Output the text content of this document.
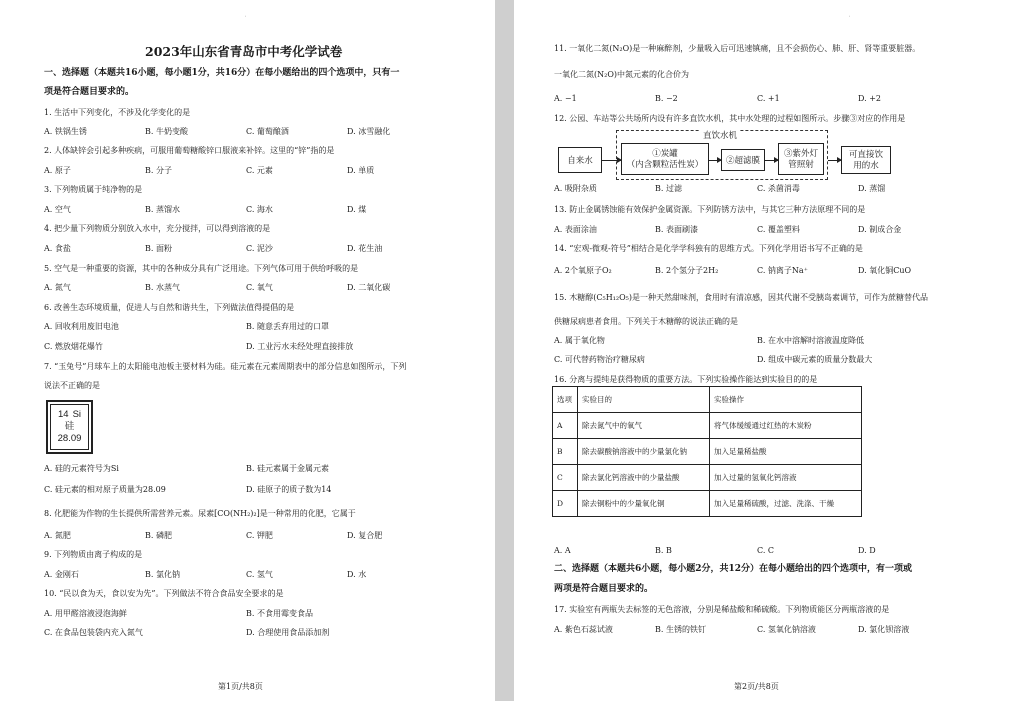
˙
2023年山东省青岛市中考化学试卷
一、选择题（本题共16小题，每小题1分，共16分）在每小题给出的四个选项中，只有一
项是符合题目要求的。
1. 生活中下列变化，不涉及化学变化的是
A. 铁锅生锈	B. 牛奶变酸	C. 葡萄酿酒	D. 冰雪融化
2. 人体缺锌会引起多种疾病，可服用葡萄糖酸锌口服液来补锌。这里的“锌”指的是
A. 原子	B. 分子	C. 元素	D. 单质
3. 下列物质属于纯净物的是
A. 空气	B. 蒸馏水	C. 海水	D. 煤
4. 把少量下列物质分别放入水中，充分搅拌，可以得到溶液的是
A. 食盐	B. 面粉	C. 泥沙	D. 花生油
5. 空气是一种重要的资源，其中的各种成分具有广泛用途。下列气体可用于供给呼吸的是
A. 氮气	B. 水蒸气	C. 氧气	D. 二氧化碳
6. 改善生态环境质量，促进人与自然和谐共生，下列做法值得提倡的是
A. 回收利用废旧电池	B. 随意丢弃用过的口罩
C. 燃放烟花爆竹	D. 工业污水未经处理直接排放
7. “玉兔号”月球车上的太阳能电池板主要材料为硅。硅元素在元素周期表中的部分信息如图所示，下列
说法不正确的是
14 Si
硅
28.09
A. 硅的元素符号为Si	B. 硅元素属于金属元素
C. 硅元素的相对原子质量为28.09	D. 硅原子的质子数为14
8. 化肥能为作物的生长提供所需营养元素。尿素[CO(NH₂)₂]是一种常用的化肥，它属于
A. 氮肥	B. 磷肥	C. 钾肥	D. 复合肥
9. 下列物质由离子构成的是
A. 金刚石	B. 氯化钠	C. 氢气	D. 水
10. “民以食为天，食以安为先”。下列做法不符合食品安全要求的是
A. 用甲醛溶液浸泡海鲜	B. 不食用霉变食品
C. 在食品包装袋内充入氮气	D. 合理使用食品添加剂
第1页/共8页
˙
11. 一氧化二氮(N₂O)是一种麻醉剂，少量吸入后可迅速镇痛，且不会损伤心、肺、肝、肾等重要脏器。
一氧化二氮(N₂O)中氮元素的化合价为
A. −1	B. −2	C. +1	D. +2
12. 公园、车站等公共场所内设有许多直饮水机，其中水处理的过程如图所示。步骤③对应的作用是
直饮水机
自来水
①炭罐
（内含颗粒活性炭）	②超滤膜
③紫外灯
管照射
可直接饮
用的水
A. 吸附杂质	B. 过滤	C. 杀菌消毒	D. 蒸馏
13. 防止金属锈蚀能有效保护金属资源。下列防锈方法中，与其它三种方法原理不同的是
A. 表面涂油	B. 表面刷漆	C. 覆盖塑料	D. 制成合金
14. “宏观-微观-符号”相结合是化学学科独有的思维方式。下列化学用语书写不正确的是
A. 2个氧原子O₂	B. 2个氢分子2H₂	C. 钠离子Na⁺	D. 氧化铜CuO
15. 木糖醇(C₅H₁₂O₅)是一种天然甜味剂，食用时有清凉感，因其代谢不受胰岛素调节，可作为蔗糖替代品
供糖尿病患者食用。下列关于木糖醇的说法正确的是
A. 属于氧化物	B. 在水中溶解时溶液温度降低
C. 可代替药物治疗糖尿病	D. 组成中碳元素的质量分数最大
16. 分离与提纯是获得物质的重要方法。下列实验操作能达到实验目的的是
选项	实验目的	实验操作
A	除去氮气中的氧气	将气体缓缓通过红热的木炭粉
B	除去碳酸钠溶液中的少量氯化钠	加入足量稀盐酸
C	除去氯化钙溶液中的少量盐酸	加入过量的氢氧化钙溶液
D	除去铜粉中的少量氧化铜	加入足量稀硫酸，过滤、洗涤、干燥
A. A	B. B	C. C	D. D
二、选择题（本题共6小题，每小题2分，共12分）在每小题给出的四个选项中，有一项或
两项是符合题目要求的。
17. 实验室有两瓶失去标签的无色溶液，分别是稀盐酸和稀硫酸。下列物质能区分两瓶溶液的是
A. 紫色石蕊试液	B. 生锈的铁钉	C. 氢氧化钠溶液	D. 氯化钡溶液
第2页/共8页
